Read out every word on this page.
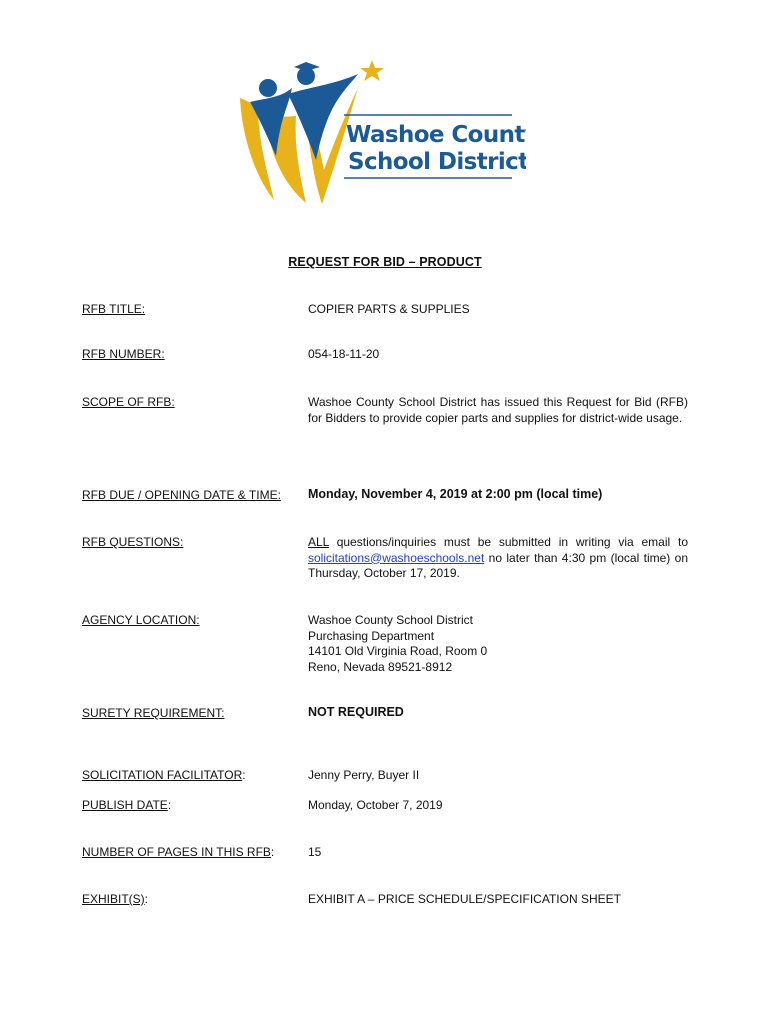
Washoe County
School District
REQUEST FOR BID – PRODUCT
RFB TITLE:	COPIER PARTS & SUPPLIES
RFB NUMBER:	054-18-11-20
SCOPE OF RFB:	Washoe County School District has issued this Request for Bid (RFB) for Bidders to provide copier parts and supplies for district-wide usage.
RFB DUE / OPENING DATE & TIME: Monday, November 4, 2019 at 2:00 pm (local time)
RFB QUESTIONS:	ALL questions/inquiries must be submitted in writing via email to solicitations@washoeschools.net no later than 4:30 pm (local time) on Thursday, October 17, 2019.
AGENCY LOCATION:	Washoe County School District
Purchasing Department
14101 Old Virginia Road, Room 0
Reno, Nevada 89521-8912
SURETY REQUIREMENT:	NOT REQUIRED
SOLICITATION FACILITATOR:	Jenny Perry, Buyer II
PUBLISH DATE:	Monday, October 7, 2019
NUMBER OF PAGES IN THIS RFB:	15
EXHIBIT(S):	EXHIBIT A – PRICE SCHEDULE/SPECIFICATION SHEET
